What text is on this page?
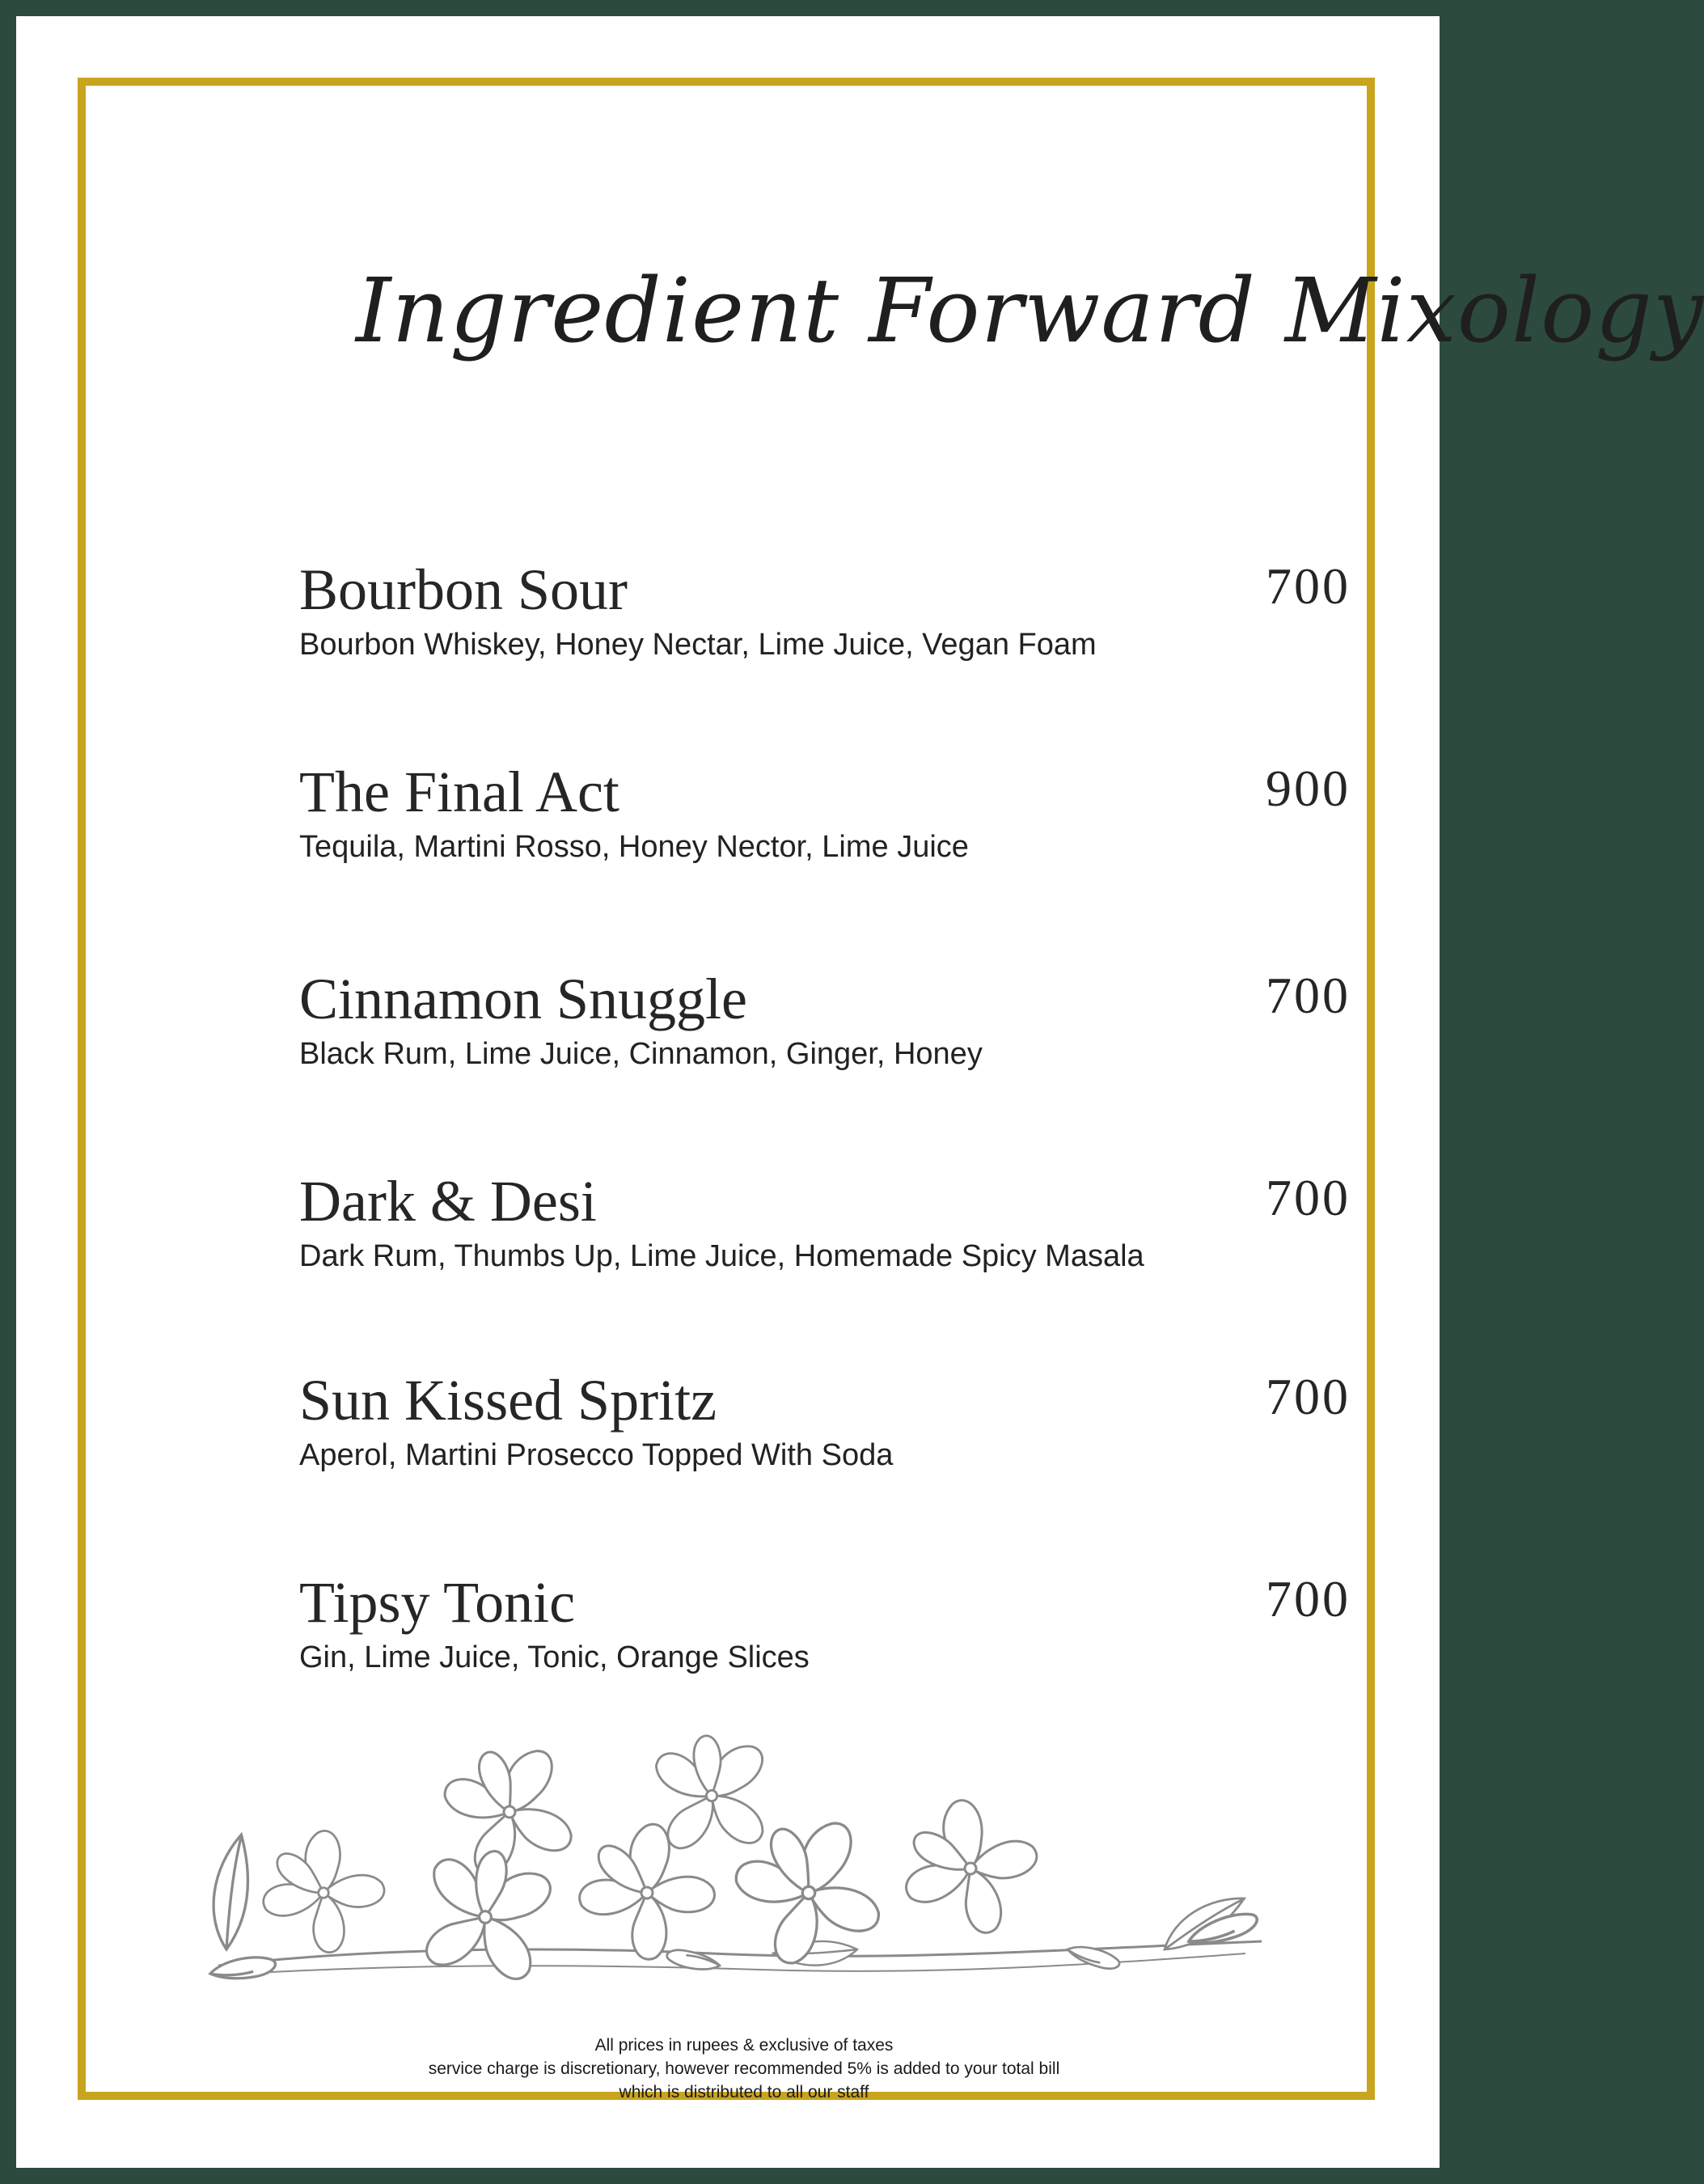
Ingredient Forward Mixology
Bourbon Sour	700
Bourbon Whiskey, Honey Nectar, Lime Juice, Vegan Foam
The Final Act	900
Tequila, Martini Rosso, Honey Nector, Lime Juice
Cinnamon Snuggle	700
Black Rum, Lime Juice, Cinnamon, Ginger, Honey
Dark & Desi	700
Dark Rum, Thumbs Up, Lime Juice, Homemade Spicy Masala
Sun Kissed Spritz	700
Aperol, Martini Prosecco Topped With Soda
Tipsy Tonic	700
Gin, Lime Juice, Tonic, Orange Slices
All prices in rupees & exclusive of taxes
service charge is discretionary, however recommended 5% is added to your total bill
which is distributed to all our staff
